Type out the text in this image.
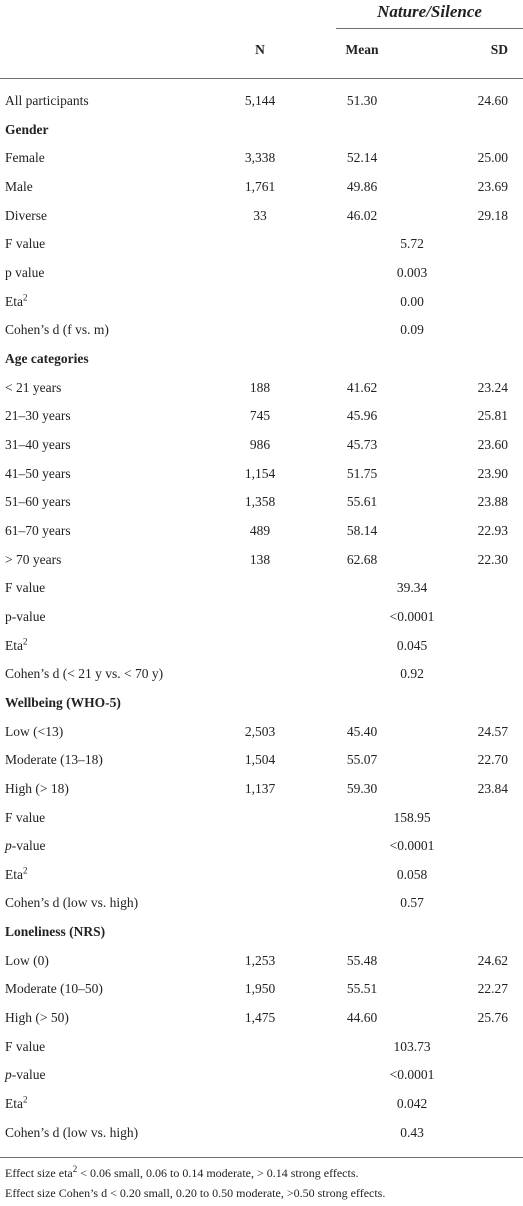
Nature/Silence
N	Mean	SD
All participants	5,144	51.30	24.60
Gender
Female	3,338	52.14	25.00
Male	1,761	49.86	23.69
Diverse	33	46.02	29.18
F value	5.72
p value	0.003
Eta$^2$	0.00
Cohen’s d (f vs. m)	0.09
Age categories
< 21 years	188	41.62	23.24
21–30 years	745	45.96	25.81
31–40 years	986	45.73	23.60
41–50 years	1,154	51.75	23.90
51–60 years	1,358	55.61	23.88
61–70 years	489	58.14	22.93
> 70 years	138	62.68	22.30
F value	39.34
p-value	<0.0001
Eta$^2$	0.045
Cohen’s d (< 21 y vs. < 70 y)	0.92
Wellbeing (WHO-5)
Low (<13)	2,503	45.40	24.57
Moderate (13–18)	1,504	55.07	22.70
High (> 18)	1,137	59.30	23.84
F value	158.95
p-value	<0.0001
Eta$^2$	0.058
Cohen’s d (low vs. high)	0.57
Loneliness (NRS)
Low (0)	1,253	55.48	24.62
Moderate (10–50)	1,950	55.51	22.27
High (> 50)	1,475	44.60	25.76
F value	103.73
p-value	<0.0001
Eta$^2$	0.042
Cohen’s d (low vs. high)	0.43
Effect size eta$^2$ < 0.06 small, 0.06 to 0.14 moderate, > 0.14 strong effects.
Effect size Cohen’s d < 0.20 small, 0.20 to 0.50 moderate, >0.50 strong effects.
